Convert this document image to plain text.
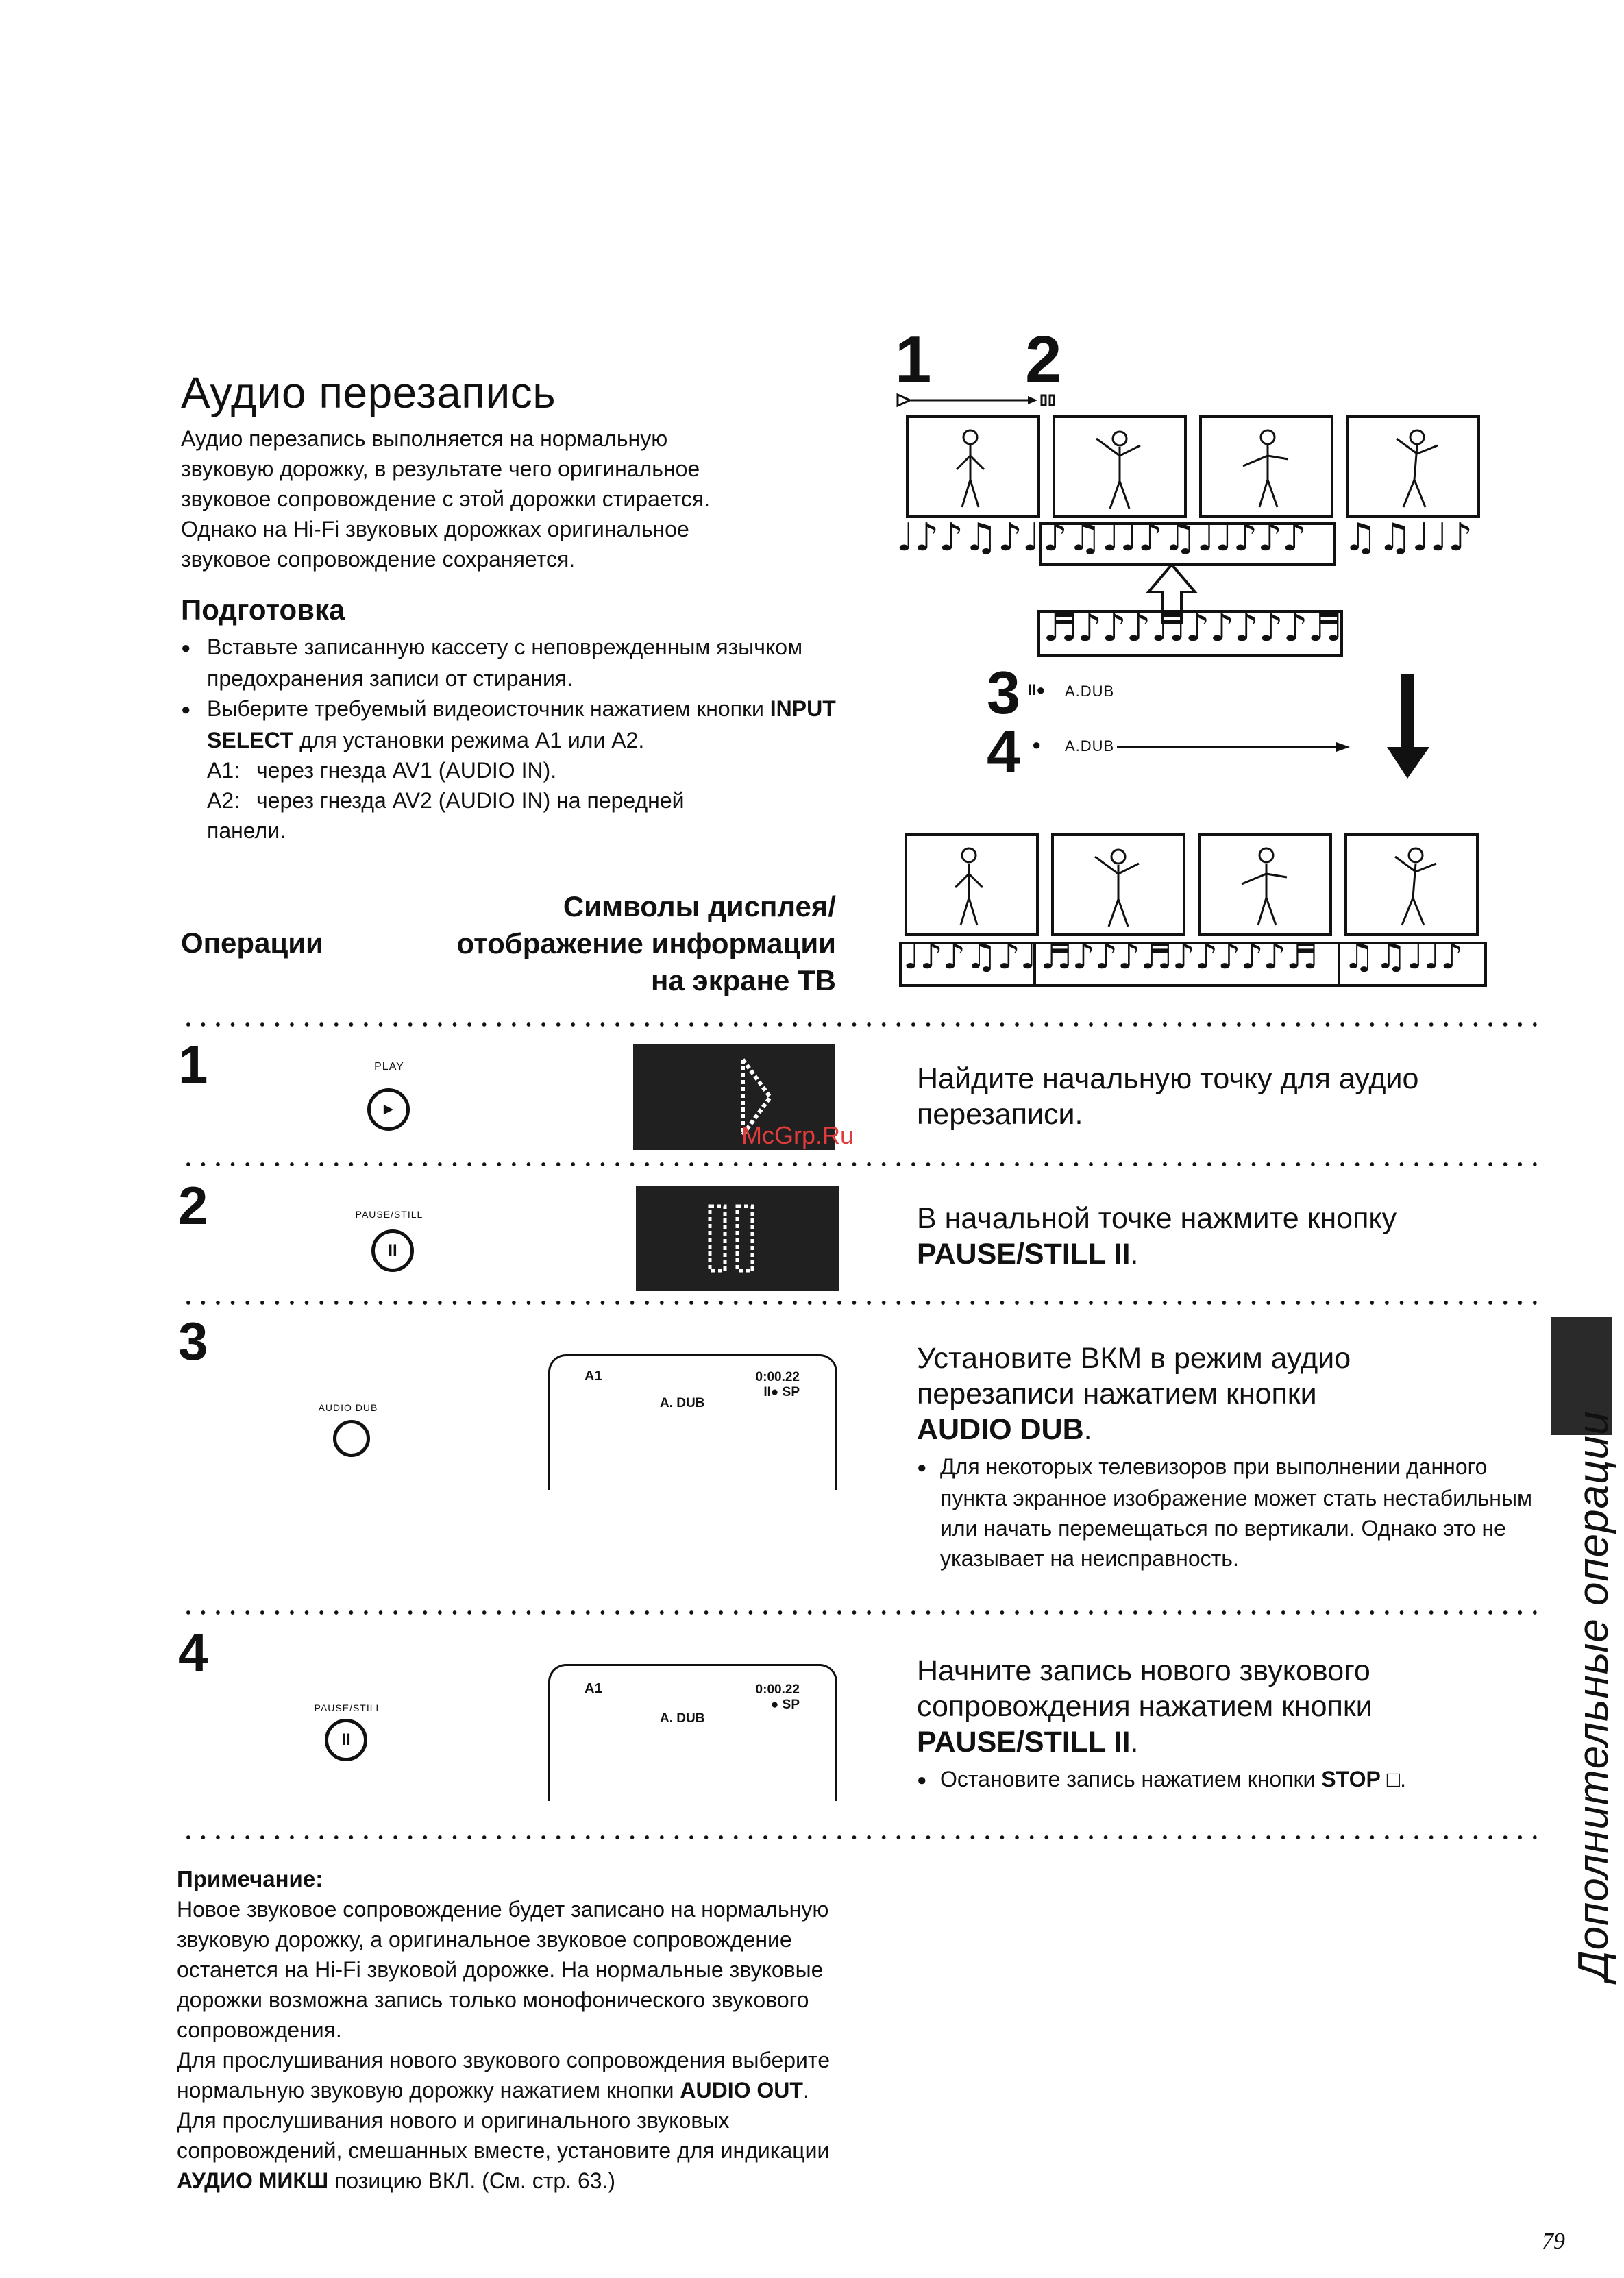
Аудио перезапись
Аудио перезапись выполняется на нормальную
звуковую дорожку, в результате чего оригинальное
звуковое сопровождение с этой дорожки стирается.
Однако на Hi-Fi звуковых дорожках оригинальное
звуковое сопровождение сохраняется.
Подготовка
● Вставьте записанную кассету с неповрежденным язычком предохранения записи от стирания.
● Выберите требуемый видеоисточник нажатием кнопки INPUT SELECT для установки режима A1 или A2.
A1: через гнезда AV1 (AUDIO IN).
A2: через гнезда AV2 (AUDIO IN) на передней
панели.
Операции
Символы дисплея/
отображение информации
на экране ТВ
1 2
♩♪♪♫♪♩ ♪♫♩♩♪♫♩♩♪♪♪ ♫♫♩♩♪
♬♪♪♪♬♪♪♪♪♪♬
3 II● A.DUB
4 ● A.DUB
♩♪♪♫♪♩ ♬♪♪♪♬♪♪♪♪♪♬ ♫♫♩♩♪
1	PLAY
►
Найдите начальную точку для аудио
перезаписи.
McGrp.Ru
2	PAUSE/STILL
II
В начальной точке нажмите кнопку
PAUSE/STILL II.
3
AUDIO DUB
A1	0:00.22
II● SP
A. DUB
Установите ВКМ в режим аудио
перезаписи нажатием кнопки
AUDIO DUB.
● Для некоторых телевизоров при выполнении данного пункта экранное изображение может стать нестабильным или начать перемещаться по вертикали. Однако это не указывает на неисправность.
4
PAUSE/STILL
II
A1	0:00.22
● SP
A. DUB
Начните запись нового звукового
сопровождения нажатием кнопки
PAUSE/STILL II.
● Остановите запись нажатием кнопки STOP □.
Примечание:
Новое звуковое сопровождение будет записано на нормальную звуковую дорожку, а оригинальное звуковое сопровождение останется на Hi-Fi звуковой дорожке. На нормальные звуковые дорожки возможна запись только монофонического звукового сопровождения.
Для прослушивания нового звукового сопровождения выберите нормальную звуковую дорожку нажатием кнопки AUDIO OUT.
Для прослушивания нового и оригинального звуковых сопровождений, смешанных вместе, установите для индикации АУДИО МИКШ позицию ВКЛ. (См. стр. 63.)
Дополнительные операции
79
